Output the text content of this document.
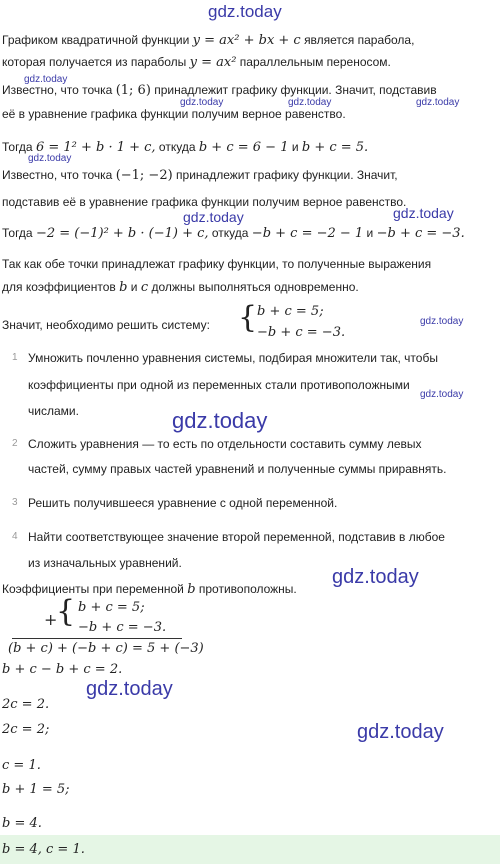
gdz.today
gdz.today
gdz.today	gdz.today	gdz.today
gdz.today
gdz.today	gdz.today
gdz.today
gdz.today
gdz.today
gdz.today
gdz.today
gdz.today
Графиком квадратичной функции y = ax² + bx + c является парабола,
которая получается из параболы y = ax² параллельным переносом.
Известно, что точка (1; 6) принадлежит графику функции. Значит, подставив
её в уравнение графика функции получим верное равенство.
Тогда 6 = 1² + b · 1 + c, откуда b + c = 6 − 1 и b + c = 5.
Известно, что точка (−1; −2) принадлежит графику функции. Значит,
подставив её в уравнение графика функции получим верное равенство.
Тогда −2 = (−1)² + b · (−1) + c, откуда −b + c = −2 − 1 и −b + c = −3.
Так как обе точки принадлежат графику функции, то полученные выражения
для коэффициентов b и c должны выполняться одновременно.
Значит, необходимо решить систему: { b + c = 5;
−b + c = −3.
1 Умножить почленно уравнения системы, подбирая множители так, чтобы
коэффициенты при одной из переменных стали противоположными
числами.
2 Сложить уравнения — то есть по отдельности составить сумму левых
частей, сумму правых частей уравнений и полученные суммы приравнять.
3 Решить получившееся уравнение с одной переменной.
4 Найти соответствующее значение второй переменной, подставив в любое
из изначальных уравнений.
Коэффициенты при переменной b противоположны.
+
{ b + c = 5;
−b + c = −3.
(b + c) + (−b + c) = 5 + (−3)
b + c − b + c = 2.
2c = 2.
2c = 2;
c = 1.
b + 1 = 5;
b = 4.
b = 4, c = 1.
